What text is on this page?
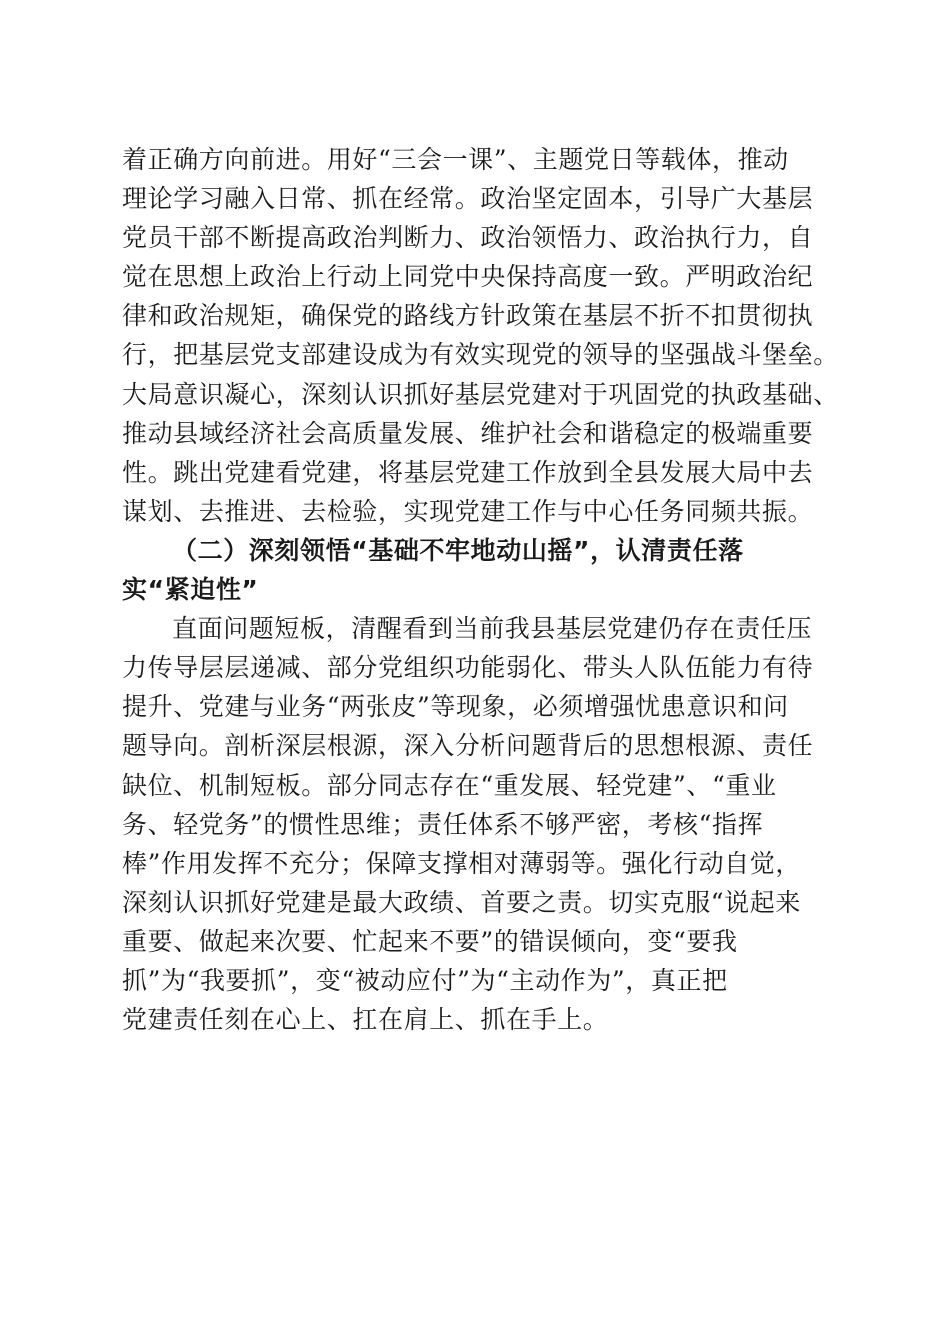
着正确方向前进。用好“三会一课”、主题党日等载体，推动
理论学习融入日常、抓在经常。政治坚定固本，引导广大基层
党员干部不断提高政治判断力、政治领悟力、政治执行力，自
觉在思想上政治上行动上同党中央保持高度一致。严明政治纪
律和政治规矩，确保党的路线方针政策在基层不折不扣贯彻执
行，把基层党支部建设成为有效实现党的领导的坚强战斗堡垒。
大局意识凝心，深刻认识抓好基层党建对于巩固党的执政基础、
推动县域经济社会高质量发展、维护社会和谐稳定的极端重要
性。跳出党建看党建，将基层党建工作放到全县发展大局中去
谋划、去推进、去检验，实现党建工作与中心任务同频共振。
（二）深刻领悟“基础不牢地动山摇”，认清责任落
实“紧迫性”
直面问题短板，清醒看到当前我县基层党建仍存在责任压
力传导层层递减、部分党组织功能弱化、带头人队伍能力有待
提升、党建与业务“两张皮”等现象，必须增强忧患意识和问
题导向。剖析深层根源，深入分析问题背后的思想根源、责任
缺位、机制短板。部分同志存在“重发展、轻党建”、“重业
务、轻党务”的惯性思维；责任体系不够严密，考核“指挥
棒”作用发挥不充分；保障支撑相对薄弱等。强化行动自觉，
深刻认识抓好党建是最大政绩、首要之责。切实克服“说起来
重要、做起来次要、忙起来不要”的错误倾向，变“要我
抓”为“我要抓”，变“被动应付”为“主动作为”，真正把
党建责任刻在心上、扛在肩上、抓在手上。
